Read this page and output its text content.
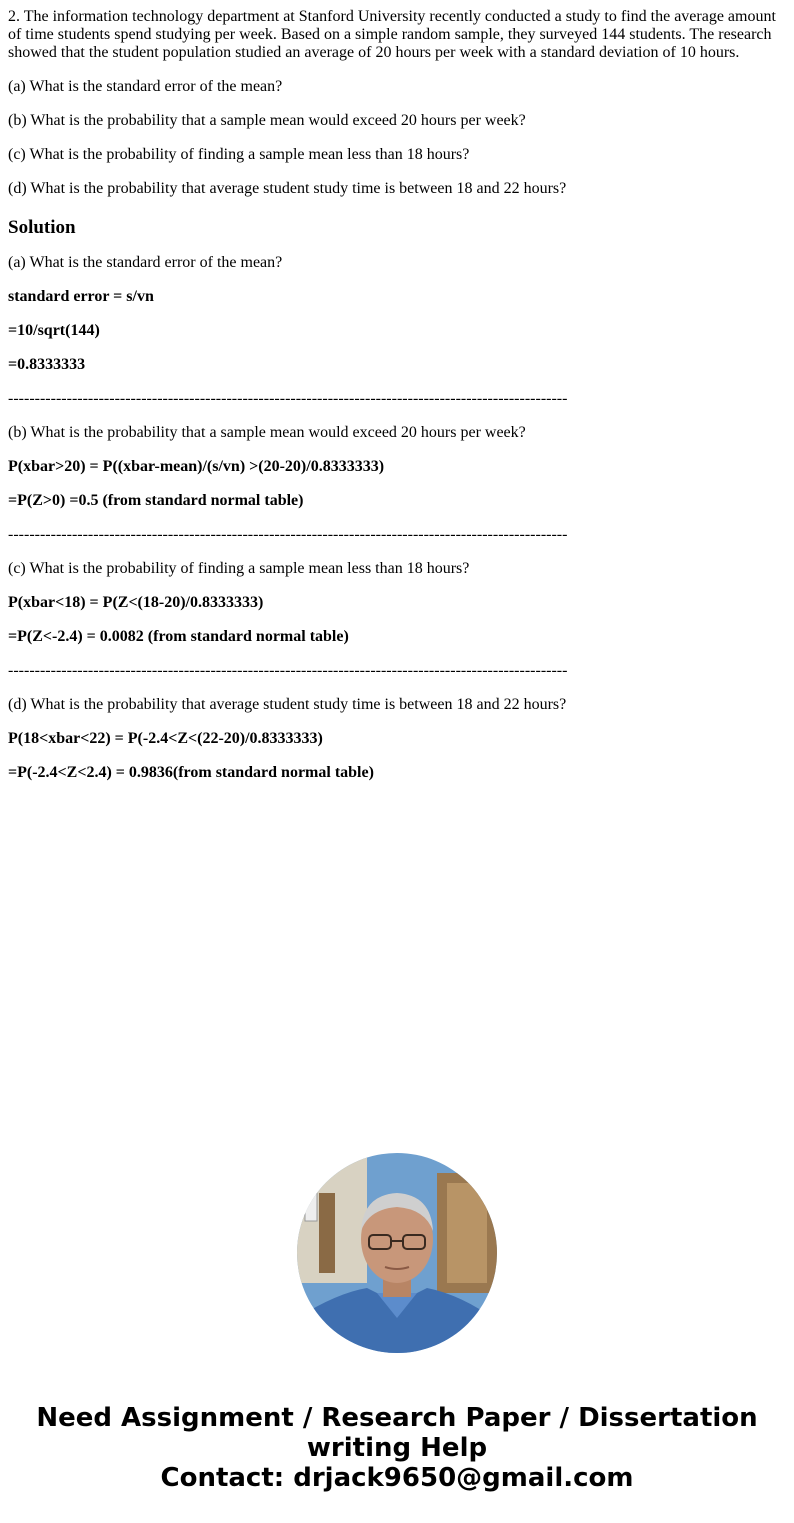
2. The information technology department at Stanford University recently conducted a study to find the average amount of time students spend studying per week. Based on a simple random sample, they surveyed 144 students. The research showed that the student population studied an average of 20 hours per week with a standard deviation of 10 hours.

(a) What is the standard error of the mean?

(b) What is the probability that a sample mean would exceed 20 hours per week?

(c) What is the probability of finding a sample mean less than 18 hours?

(d) What is the probability that average student study time is between 18 and 22 hours?

Solution

(a) What is the standard error of the mean?

standard error = s/vn

=10/sqrt(144)

=0.8333333

---------------------------------------------------------------------------------------------------------

(b) What is the probability that a sample mean would exceed 20 hours per week?

P(xbar>20) = P((xbar-mean)/(s/vn) >(20-20)/0.8333333)

=P(Z>0) =0.5 (from standard normal table)

---------------------------------------------------------------------------------------------------------

(c) What is the probability of finding a sample mean less than 18 hours?

P(xbar<18) = P(Z<(18-20)/0.8333333)

=P(Z<-2.4) = 0.0082 (from standard normal table)

---------------------------------------------------------------------------------------------------------

(d) What is the probability that average student study time is between 18 and 22 hours?

P(18<xbar<22) = P(-2.4<Z<(22-20)/0.8333333)

=P(-2.4<Z<2.4) = 0.9836(from standard normal table)

Need Assignment / Research Paper / Dissertation
writing Help
Contact: drjack9650@gmail.com
